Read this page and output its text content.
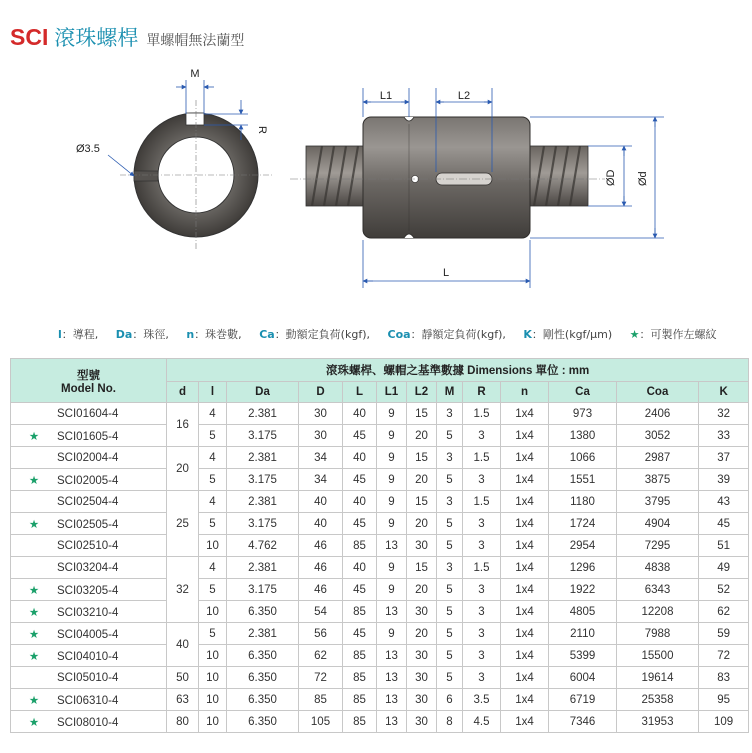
SCI 滾珠螺桿 單螺帽無法蘭型
M
R
Ø3.5
L1	L2
L
ØD Ød
l：導程, Da：珠徑, n：珠巻數, Ca：動額定負荷(kgf), Coa：靜額定負荷(kgf), K：剛性(kgf/μm) ★：可製作左螺紋
型號
Model No.	滾珠螺桿、螺帽之基準數據 Dimensions 單位 : mm												
	d	l	Da	D	L	L1	L2	M	R	n	Ca	Coa	K
SCI01604-4	16	4	2.381	30	40	9	15	3	1.5	1x4	973	2406	32
★ SCI01605-4		5	3.175	30	45	9	20	5	3	1x4	1380	3052	33
SCI02004-4	20	4	2.381	34	40	9	15	3	1.5	1x4	1066	2987	37
★ SCI02005-4		5	3.175	34	45	9	20	5	3	1x4	1551	3875	39
SCI02504-4	25	4	2.381	40	40	9	15	3	1.5	1x4	1180	3795	43
★ SCI02505-4		5	3.175	40	45	9	20	5	3	1x4	1724	4904	45
SCI02510-4		10	4.762	46	85	13	30	5	3	1x4	2954	7295	51
SCI03204-4	32	4	2.381	46	40	9	15	3	1.5	1x4	1296	4838	49
★ SCI03205-4		5	3.175	46	45	9	20	5	3	1x4	1922	6343	52
★ SCI03210-4		10	6.350	54	85	13	30	5	3	1x4	4805	12208	62
★ SCI04005-4	40	5	2.381	56	45	9	20	5	3	1x4	2110	7988	59
★ SCI04010-4		10	6.350	62	85	13	30	5	3	1x4	5399	15500	72
SCI05010-4	50	10	6.350	72	85	13	30	5	3	1x4	6004	19614	83
★ SCI06310-4	63	10	6.350	85	85	13	30	6	3.5	1x4	6719	25358	95
★ SCI08010-4	80	10	6.350	105	85	13	30	8	4.5	1x4	7346	31953	109
